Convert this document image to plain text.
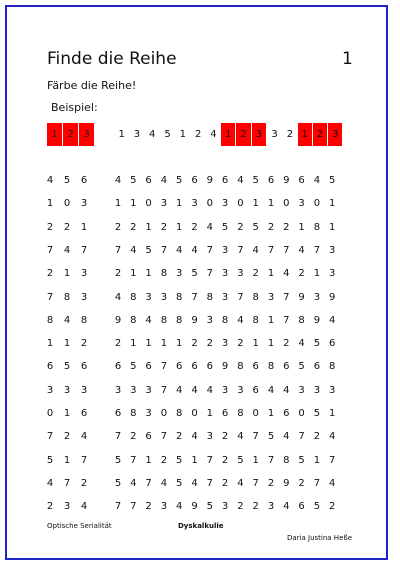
Finde die Reihe	1
Färbe die Reihe!
Beispiel:
1 2 3	1 3 4 5 1 2 4 1 2 3 3 2 1 2 3
4 5 6	4 5 6 4 5 6 9 6 4 5 6 9 6 4 5
1 0 3	1 1 0 3 1 3 0 3 0 1 1 0 3 0 1
2 2 1	2 2 1 2 1 2 4 5 2 5 2 2 1 8 1
7 4 7	7 4 5 7 4 4 7 3 7 4 7 7 4 7 3
2 1 3	2 1 1 8 3 5 7 3 3 2 1 4 2 1 3
7 8 3	4 8 3 3 8 7 8 3 7 8 3 7 9 3 9
8 4 8	9 8 4 8 8 9 3 8 4 8 1 7 8 9 4
1 1 2	2 1 1 1 1 2 2 3 2 1 1 2 4 5 6
6 5 6	6 5 6 7 6 6 6 9 8 6 8 6 5 6 8
3 3 3	3 3 3 7 4 4 4 3 3 6 4 4 3 3 3
0 1 6	6 8 3 0 8 0 1 6 8 0 1 6 0 5 1
7 2 4	7 2 6 7 2 4 3 2 4 7 5 4 7 2 4
5 1 7	5 7 1 2 5 1 7 2 5 1 7 8 5 1 7
4 7 2	5 4 7 4 5 4 7 2 4 7 2 9 2 7 4
2 3 4	7 7 2 3 4 9 5 3 2 2 3 4 6 5 2
Optische Serialität	Dyskalkulie
Daria Justina Heße
